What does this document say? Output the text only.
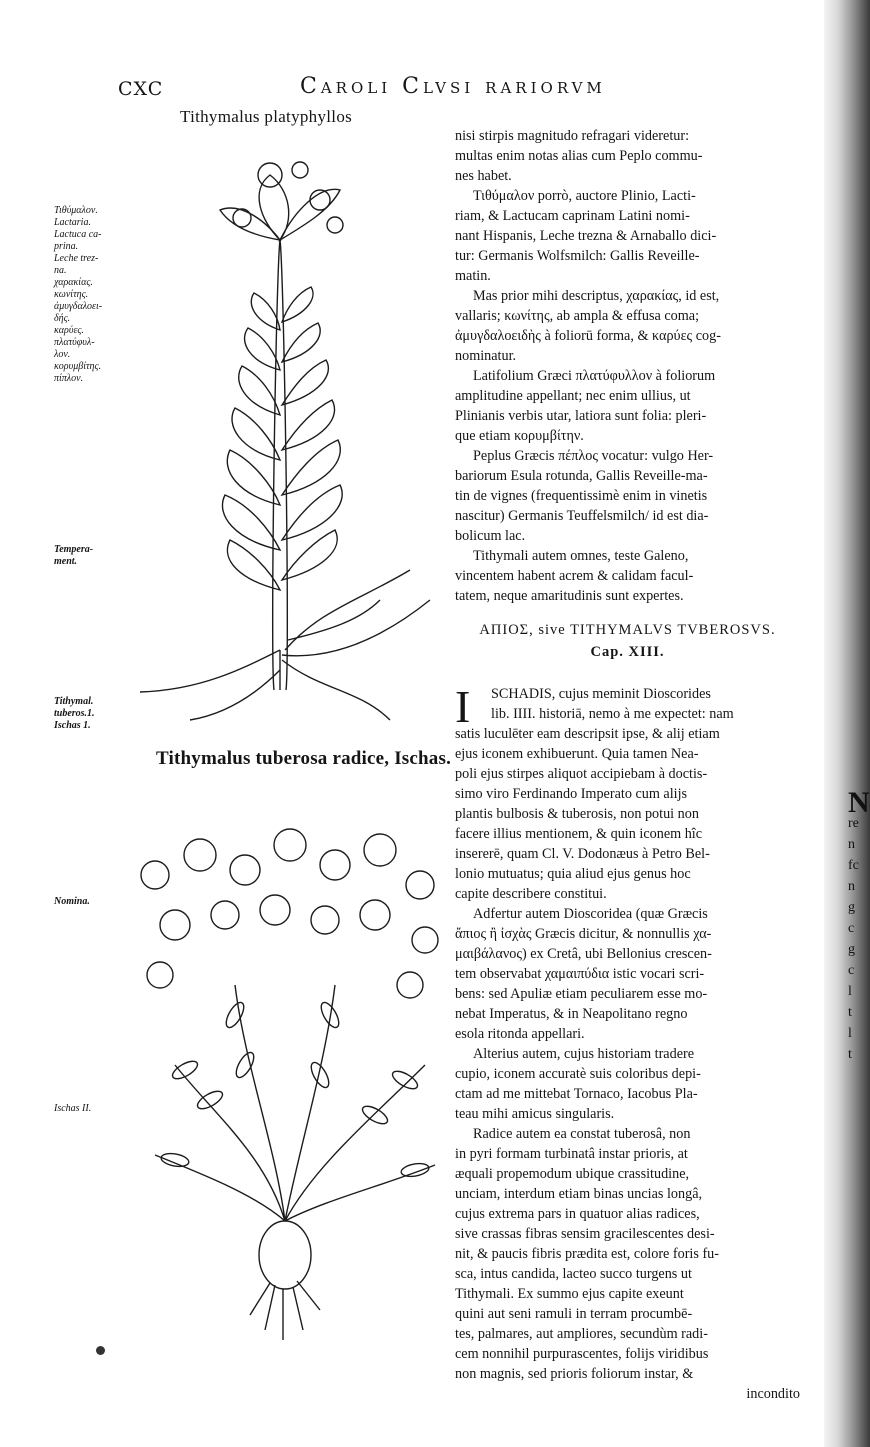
N
re
n
fc
n
g
c
g
c
l
t
l
t
CXC	Caroli Clvsi rariorvm
Tithymalus platyphyllos
Tithymalus tuberosa radice, Ischas.
Τιθύμαλον.
Lactaria.
Lactuca ca-
prina.
Leche trez-
na.
χαρακίας.
κωνίτης.
ἀμυγδαλοει-
δής.
καρύες.
πλατύφυλ-
λον.
κορυμβίτης.
πίπλον.
Tempera-
ment.
Tithymal.
tuberos.1.
Ischas 1.
Nomina.
Ischas II.
nisi stirpis magnitudo refragari videretur:
multas enim notas alias cum Peplo commu-
nes habet.
Τιθύμαλον porrò, auctore Plinio, Lacti-
riam, & Lactucam caprinam Latini nomi-
nant Hispanis, Leche trezna & Arnaballo dici-
tur: Germanis Wolfsmilch: Gallis Reveille-
matin.
Mas prior mihi descriptus, χαρακίας, id est,
vallaris; κωνίτης, ab ampla & effusa coma;
ἀμυγδαλοειδὴς à foliorū forma, & καρύες cog-
nominatur.
Latifolium Græci πλατύφυλλον à foliorum
amplitudine appellant; nec enim ullius, ut
Plinianis verbis utar, latiora sunt folia: pleri-
que etiam κορυμβίτην.
Peplus Græcis πέπλος vocatur: vulgo Her-
bariorum Esula rotunda, Gallis Reveille-ma-
tin de vignes (frequentissimè enim in vinetis
nascitur) Germanis Teuffelsmilch/ id est dia-
bolicum lac.
Tithymali autem omnes, teste Galeno,
vincentem habent acrem & calidam facul-
tatem, neque amaritudinis sunt expertes.
ΑΠΙΟΣ, sive TITHYMALVS TVBEROSVS.
Cap. XIII.
I SCHADIS, cujus meminit Dioscorides
lib. IIII. historiā, nemo à me expectet: nam
satis luculēter eam descripsit ipse, & alij etiam
ejus iconem exhibuerunt. Quia tamen Nea-
poli ejus stirpes aliquot accipiebam à doctis-
simo viro Ferdinando Imperato cum alijs
plantis bulbosis & tuberosis, non potui non
facere illius mentionem, & quin iconem hîc
insererē, quam Cl. V. Dodonæus à Petro Bel-
lonio mutuatus; quia aliud ejus genus hoc
capite describere constitui.
Adfertur autem Dioscoridea (quæ Græcis
ἄπιος ἢ ἰσχὰς Græcis dicitur, & nonnullis χα-
μαιβάλανος) ex Cretâ, ubi Bellonius crescen-
tem observabat χαμαιπύδια istic vocari scri-
bens: sed Apuliæ etiam peculiarem esse mo-
nebat Imperatus, & in Neapolitano regno
esola ritonda appellari.
Alterius autem, cujus historiam tradere
cupio, iconem accuratè suis coloribus depi-
ctam ad me mittebat Tornaco, Iacobus Pla-
teau mihi amicus singularis.
Radice autem ea constat tuberosâ, non
in pyri formam turbinatâ instar prioris, at
æquali propemodum ubique crassitudine,
unciam, interdum etiam binas uncias longâ,
cujus extrema pars in quatuor alias radices,
sive crassas fibras sensim gracilescentes desi-
nit, & paucis fibris prædita est, colore foris fu-
sca, intus candida, lacteo succo turgens ut
Tithymali. Ex summo ejus capite exeunt
quini aut seni ramuli in terram procumbē-
tes, palmares, aut ampliores, secundùm radi-
cem nonnihil purpurascentes, folijs viridibus
non magnis, sed prioris foliorum instar, &
inconditо
